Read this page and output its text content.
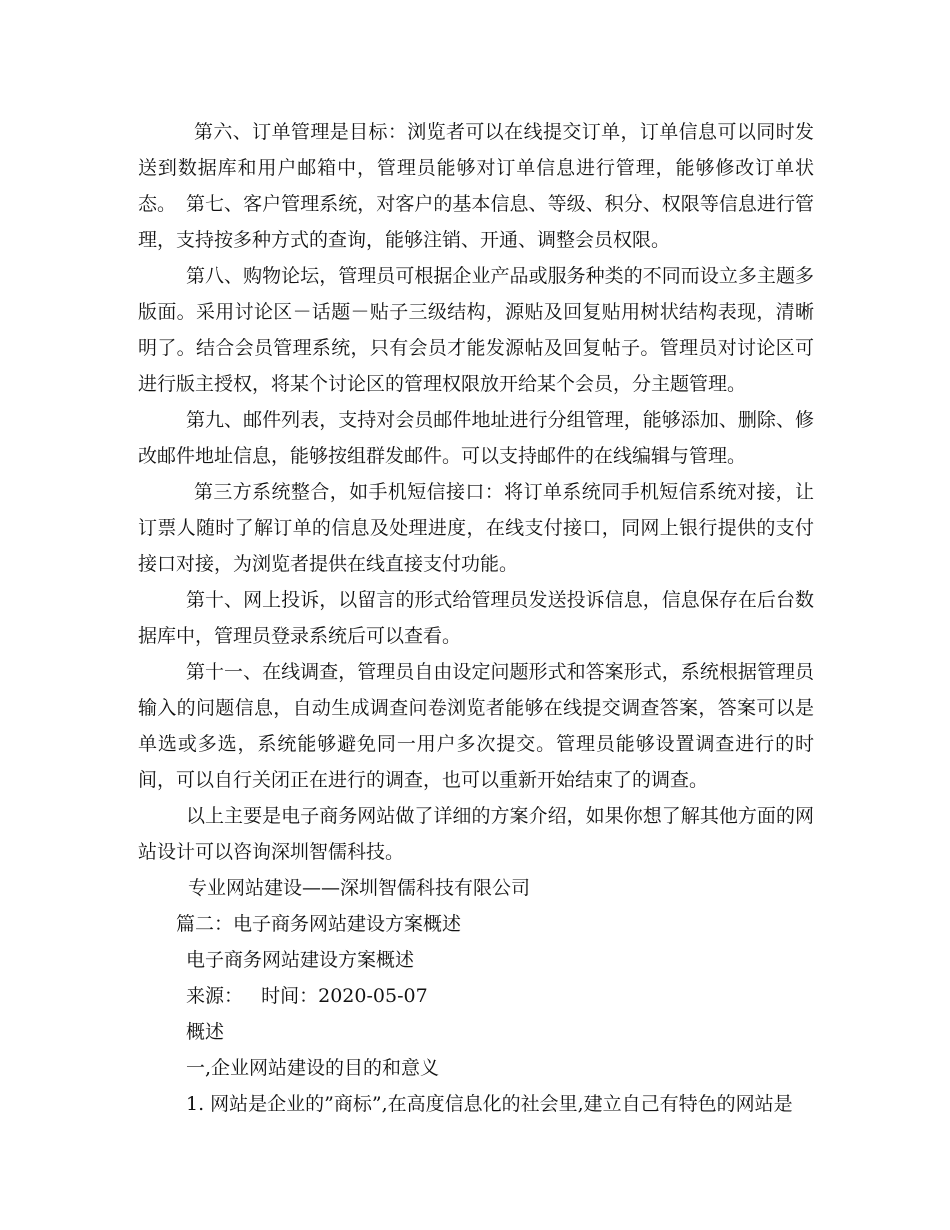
第六、订单管理是目标：浏览者可以在线提交订单，订单信息可以同时发送到数据库和用户邮箱中，管理员能够对订单信息进行管理，能够修改订单状态。 第七、客户管理系统，对客户的基本信息、等级、积分、权限等信息进行管理，支持按多种方式的查询，能够注销、开通、调整会员权限。

第八、购物论坛，管理员可根据企业产品或服务种类的不同而设立多主题多版面。采用讨论区－话题－贴子三级结构，源贴及回复贴用树状结构表现，清晰明了。结合会员管理系统，只有会员才能发源帖及回复帖子。管理员对讨论区可进行版主授权，将某个讨论区的管理权限放开给某个会员，分主题管理。

第九、邮件列表，支持对会员邮件地址进行分组管理，能够添加、删除、修改邮件地址信息，能够按组群发邮件。可以支持邮件的在线编辑与管理。

第三方系统整合，如手机短信接口：将订单系统同手机短信系统对接，让订票人随时了解订单的信息及处理进度，在线支付接口，同网上银行提供的支付接口对接，为浏览者提供在线直接支付功能。

第十、网上投诉，以留言的形式给管理员发送投诉信息，信息保存在后台数据库中，管理员登录系统后可以查看。

第十一、在线调查，管理员自由设定问题形式和答案形式，系统根据管理员输入的问题信息，自动生成调查问卷浏览者能够在线提交调查答案，答案可以是单选或多选，系统能够避免同一用户多次提交。管理员能够设置调查进行的时间，可以自行关闭正在进行的调查，也可以重新开始结束了的调查。

以上主要是电子商务网站做了详细的方案介绍，如果你想了解其他方面的网站设计可以咨询深圳智儒科技。

专业网站建设——深圳智儒科技有限公司

篇二：电子商务网站建设方案概述

电子商务网站建设方案概述

来源：   时间：2020-05-07

概述

一,企业网站建设的目的和意义

1. 网站是企业的”商标”,在高度信息化的社会里,建立自己有特色的网站是
